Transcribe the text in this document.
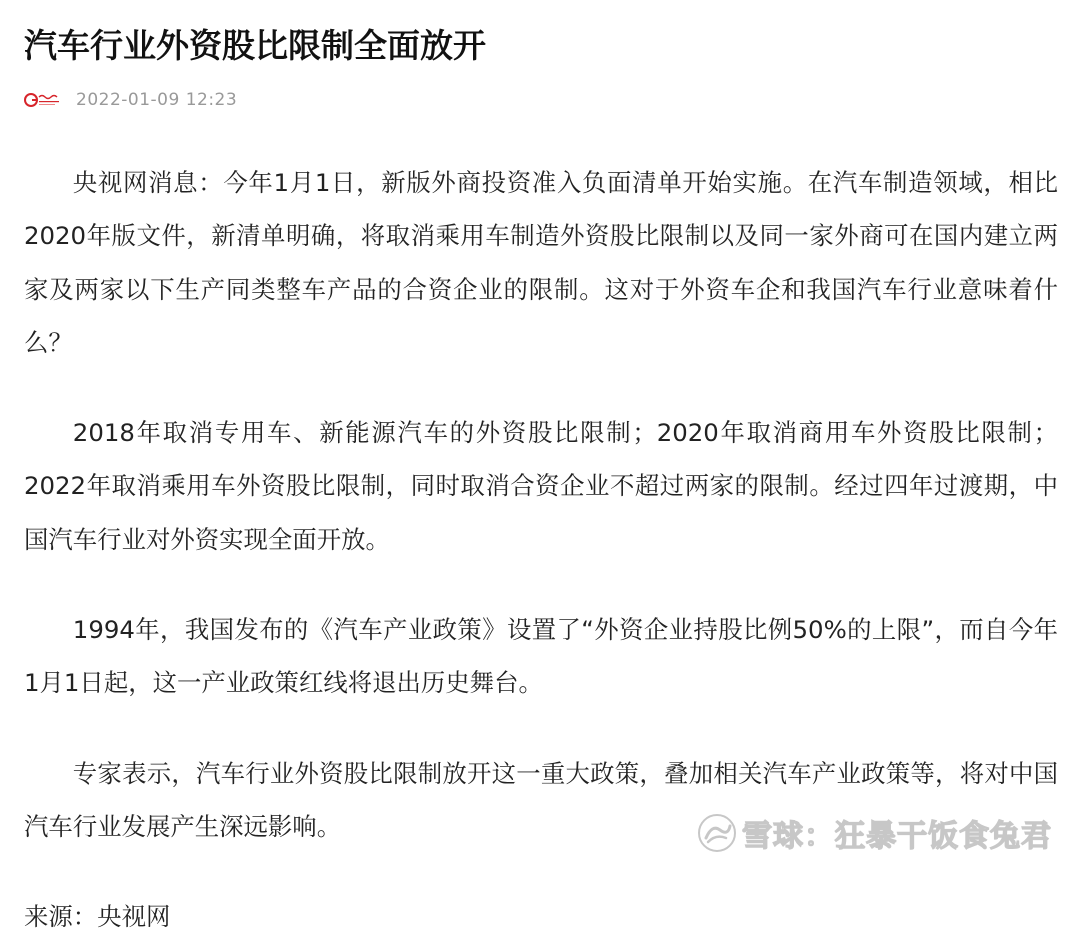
汽车行业外资股比限制全面放开
2022-01-09 12:23

央视网消息：今年1月1日，新版外商投资准入负面清单开始实施。在汽车制造领域，相比2020年版文件，新清单明确，将取消乘用车制造外资股比限制以及同一家外商可在国内建立两家及两家以下生产同类整车产品的合资企业的限制。这对于外资车企和我国汽车行业意味着什么？

2018年取消专用车、新能源汽车的外资股比限制；2020年取消商用车外资股比限制；2022年取消乘用车外资股比限制，同时取消合资企业不超过两家的限制。经过四年过渡期，中国汽车行业对外资实现全面开放。

1994年，我国发布的《汽车产业政策》设置了“外资企业持股比例50%的上限”，而自今年1月1日起，这一产业政策红线将退出历史舞台。

专家表示，汽车行业外资股比限制放开这一重大政策，叠加相关汽车产业政策等，将对中国汽车行业发展产生深远影响。

来源：央视网

雪球：狂暴干饭食兔君
